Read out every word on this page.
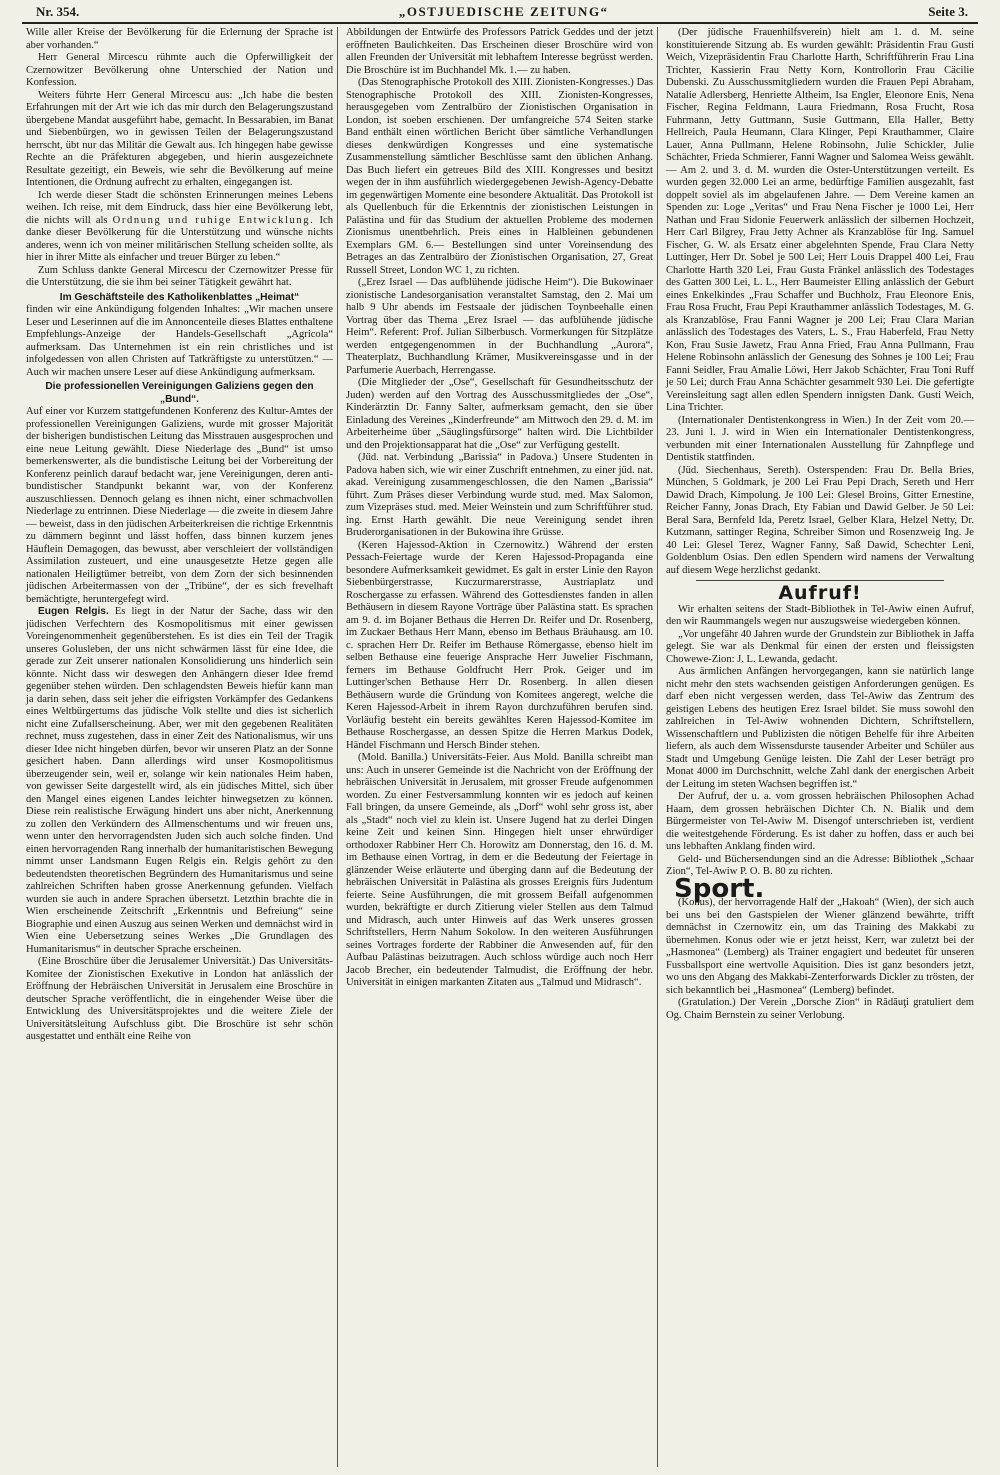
Nr. 354.	„OSTJUEDISCHE ZEITUNG“	Seite 3.

Wille aller Kreise der Bevölkerung für die Erlernung der Sprache ist aber vorhanden.“

Herr General Mircescu rühmte auch die Opferwilligkeit der Czernowitzer Bevölkerung ohne Unterschied der Nation und Konfession.

Weiters führte Herr General Mircescu aus: „Ich habe die besten Erfahrungen mit der Art wie ich das mir durch den Belagerungszustand übergebene Mandat ausgeführt habe, gemacht. In Bessarabien, im Banat und Siebenbürgen, wo in gewissen Teilen der Belagerungszustand herrscht, übt nur das Militär die Gewalt aus. Ich hingegen habe gewisse Rechte an die Präfekturen abgegeben, und hierin ausgezeichnete Resultate gezeitigt, ein Beweis, wie sehr die Bevölkerung auf meine Intentionen, die Ordnung aufrecht zu erhalten, eingegangen ist.

Ich werde dieser Stadt die schönsten Erinnerungen meines Lebens weihen. Ich reise, mit dem Eindruck, dass hier eine Bevölkerung lebt, die nichts will als Ordnung und ruhige Entwicklung. Ich danke dieser Bevölkerung für die Unterstützung und wünsche nichts anderes, wenn ich von meiner militärischen Stellung scheiden sollte, als hier in ihrer Mitte als einfacher und treuer Bürger zu leben.“

Zum Schluss dankte General Mircescu der Czernowitzer Presse für die Unterstützung, die sie ihm bei seiner Tätigkeit gewährt hat.

Im Geschäftsteile des Katholikenblattes „Heimat“

finden wir eine Ankündigung folgenden Inhaltes: „Wir machen unsere Leser und Leserinnen auf die im Annoncenteile dieses Blattes enthaltene Empfehlungs-Anzeige der Handels-Gesellschaft „Agricola“ aufmerksam. Das Unternehmen ist ein rein christliches und ist infolgedessen von allen Christen auf Tatkräftigste zu unterstützen.“ — Auch wir machen unsere Leser auf diese Ankündigung aufmerksam.

Die professionellen Vereinigungen Galiziens gegen den „Bund“.

Auf einer vor Kurzem stattgefundenen Konferenz des Kultur-Amtes der professionellen Vereinigungen Galiziens, wurde mit grosser Majorität der bisherigen bundistischen Leitung das Misstrauen ausgesprochen und eine neue Leitung gewählt. Diese Niederlage des „Bund“ ist umso bemerkenswerter, als die bundistische Leitung bei der Vorbereitung der Konferenz peinlich darauf bedacht war, jene Vereinigungen, deren anti-bundistischer Standpunkt bekannt war, von der Konferenz auszuschliessen. Dennoch gelang es ihnen nicht, einer schmachvollen Niederlage zu entrinnen. Diese Niederlage — die zweite in diesem Jahre — beweist, dass in den jüdischen Arbeiterkreisen die richtige Erkenntnis zu dämmern beginnt und lässt hoffen, dass binnen kurzem jenes Häuflein Demagogen, das bewusst, aber verschleiert der vollständigen Assimilation zusteuert, und eine unausgesetzte Hetze gegen alle nationalen Heiligtümer betreibt, von dem Zorn der sich besinnenden jüdischen Arbeitermassen von der „Tribüne“, der es sich frevelhaft bemächtigte, heruntergefegt wird.

Eugen Relgis. Es liegt in der Natur der Sache, dass wir den jüdischen Verfechtern des Kosmopolitismus mit einer gewissen Voreingenommenheit gegenüberstehen. Es ist dies ein Teil der Tragik unseres Golusleben, der uns nicht schwärmen lässt für eine Idee, die gerade zur Zeit unserer nationalen Konsolidierung uns hinderlich sein könnte. Nicht dass wir deswegen den Anhängern dieser Idee fremd gegenüber stehen würden. Den schlagendsten Beweis hiefür kann man ja darin sehen, dass seit jeher die eifrigsten Vorkämpfer des Gedankens eines Weltbürgertums das jüdische Volk stellte und dies ist sicherlich nicht eine Zufallserscheinung. Aber, wer mit den gegebenen Realitäten rechnet, muss zugestehen, dass in einer Zeit des Nationalismus, wir uns dieser Idee nicht hingeben dürfen, bevor wir unseren Platz an der Sonne gesichert haben. Dann allerdings wird unser Kosmopolitismus überzeugender sein, weil er, solange wir kein nationales Heim haben, von gewisser Seite dargestellt wird, als ein jüdisches Mittel, sich über den Mangel eines eigenen Landes leichter hinwegsetzen zu können. Diese rein realistische Erwägung hindert uns aber nicht, Anerkennung zu zollen den Verkündern des Allmenschentums und wir freuen uns, wenn unter den hervorragendsten Juden sich auch solche finden. Und einen hervorragenden Rang innerhalb der humanitaristischen Bewegung nimmt unser Landsmann Eugen Relgis ein. Relgis gehört zu den bedeutendsten theoretischen Begründern des Humanitarismus und seine zahlreichen Schriften haben grosse Anerkennung gefunden. Vielfach wurden sie auch in andere Sprachen übersetzt. Letzthin brachte die in Wien erscheinende Zeitschrift „Erkenntnis und Befreiung“ seine Biographie und einen Auszug aus seinen Werken und demnächst wird in Wien eine Uebersetzung seines Werkes „Die Grundlagen des Humanitarismus“ in deutscher Sprache erscheinen.

(Eine Broschüre über die Jerusalemer Universität.) Das Universitäts-Komitee der Zionistischen Exekutive in London hat anlässlich der Eröffnung der Hebräischen Universität in Jerusalem eine Broschüre in deutscher Sprache veröffentlicht, die in eingehender Weise über die Entwicklung des Universitätsprojektes und die weitere Ziele der Universitätsleitung Aufschluss gibt. Die Broschüre ist sehr schön ausgestattet und enthält eine Reihe von

Abbildungen der Entwürfe des Professors Patrick Geddes und der jetzt eröffneten Baulichkeiten. Das Erscheinen dieser Broschüre wird von allen Freunden der Universität mit lebhaftem Interesse begrüsst werden. Die Broschüre ist im Buchhandel Mk. 1.— zu haben.

(Das Stenographische Protokoll des XIII. Zionisten-Kongresses.) Das Stenographische Protokoll des XIII. Zionisten-Kongresses, herausgegeben vom Zentralbüro der Zionistischen Organisation in London, ist soeben erschienen. Der umfangreiche 574 Seiten starke Band enthält einen wörtlichen Bericht über sämtliche Verhandlungen dieses denkwürdigen Kongresses und eine systematische Zusammenstellung sämtlicher Beschlüsse samt den üblichen Anhang. Das Buch liefert ein getreues Bild des XIII. Kongresses und besitzt wegen der in ihm ausführlich wiedergegebenen Jewish-Agency-Debatte im gegenwärtigen Momente eine besondere Aktualität. Das Protokoll ist als Quellenbuch für die Erkenntnis der zionistischen Leistungen in Palästina und für das Studium der aktuellen Probleme des modernen Zionismus unentbehrlich. Preis eines in Halbleinen gebundenen Exemplars GM. 6.— Bestellungen sind unter Voreinsendung des Betrages an das Zentralbüro der Zionistischen Organisation, 27, Great Russell Street, London WC 1, zu richten.

(„Erez Israel — Das aufblühende jüdische Heim“). Die Bukowinaer zionistische Landesorganisation veranstaltet Samstag, den 2. Mai um halb 9 Uhr abends im Festsaale der jüdischen Toynbeehalle einen Vortrag über das Thema „Erez Israel — das aufblühende jüdische Heim“. Referent: Prof. Julian Silberbusch. Vormerkungen für Sitzplätze werden entgegengenommen in der Buchhandlung „Aurora“, Theaterplatz, Buchhandlung Krämer, Musikvereinsgasse und in der Parfumerie Auerbach, Herrengasse.

(Die Mitglieder der „Ose“, Gesellschaft für Gesundheitsschutz der Juden) werden auf den Vortrag des Ausschussmitgliedes der „Ose“, Kinderärztin Dr. Fanny Salter, aufmerksam gemacht, den sie über Einladung des Vereines „Kinderfreunde“ am Mittwoch den 29. d. M. im Arbeiterheime über „Säuglingsfürsorge“ halten wird. Die Lichtbilder und den Projektionsapparat hat die „Ose“ zur Verfügung gestellt.

(Jüd. nat. Verbindung „Barissia“ in Padova.) Unsere Studenten in Padova haben sich, wie wir einer Zuschrift entnehmen, zu einer jüd. nat. akad. Vereinigung zusammengeschlossen, die den Namen „Barissia“ führt. Zum Präses dieser Verbindung wurde stud. med. Max Salomon, zum Vizepräses stud. med. Meier Weinstein und zum Schriftführer stud. ing. Ernst Harth gewählt. Die neue Vereinigung sendet ihren Bruderorganisationen in der Bukowina ihre Grüsse.

(Keren Hajessod-Aktion in Czernowitz.) Während der ersten Pessach-Feiertage wurde der Keren Hajessod-Propaganda eine besondere Aufmerksamkeit gewidmet. Es galt in erster Linie den Rayon Siebenbürgerstrasse, Kuczurmarerstrasse, Austriaplatz und Roschergasse zu erfassen. Während des Gottesdienstes fanden in allen Bethäusern in diesem Rayone Vorträge über Palästina statt. Es sprachen am 9. d. im Bojaner Bethaus die Herren Dr. Reifer und Dr. Rosenberg, im Zuckaer Bethaus Herr Mann, ebenso im Bethaus Bräuhausg. am 10. c. sprachen Herr Dr. Reifer im Bethause Römergasse, ebenso hielt im selben Bethause eine feuerige Ansprache Herr Juwelier Fischmann, ferners im Bethause Goldfrucht Herr Prok. Geiger und im Luttinger'schen Bethause Herr Dr. Rosenberg. In allen diesen Bethäusern wurde die Gründung von Komitees angeregt, welche die Keren Hajessod-Arbeit in ihrem Rayon durchzuführen berufen sind. Vorläufig besteht ein bereits gewähltes Keren Hajessod-Komitee im Bethause Roschergasse, an dessen Spitze die Herren Markus Dodek, Händel Fischmann und Hersch Binder stehen.

(Mold. Banilla.) Universitäts-Feier. Aus Mold. Banilla schreibt man uns: Auch in unserer Gemeinde ist die Nachricht von der Eröffnung der hebräischen Universität in Jerusalem, mit grosser Freude aufgenommen worden. Zu einer Festversammlung konnten wir es jedoch auf keinen Fall bringen, da unsere Gemeinde, als „Dorf“ wohl sehr gross ist, aber als „Stadt“ noch viel zu klein ist. Unsere Jugend hat zu derlei Dingen keine Zeit und keinen Sinn. Hingegen hielt unser ehrwürdiger orthodoxer Rabbiner Herr Ch. Horowitz am Donnerstag, den 16. d. M. im Bethause einen Vortrag, in dem er die Bedeutung der Feiertage in glänzender Weise erläuterte und überging dann auf die Bedeutung der hebräischen Universität in Palästina als grosses Ereignis fürs Judentum feierte. Seine Ausführungen, die mit grossem Beifall aufgenommen wurden, bekräftigte er durch Zitierung vieler Stellen aus dem Talmud und Midrasch, auch unter Hinweis auf das Werk unseres grossen Schriftstellers, Herrn Nahum Sokolow. In den weiteren Ausführungen seines Vortrages forderte der Rabbiner die Anwesenden auf, für den Aufbau Palästinas beizutragen. Auch schloss würdige auch noch Herr Jacob Brecher, ein bedeutender Talmudist, die Eröffnung der hebr. Universität in einigen markanten Zitaten aus „Talmud und Midrasch“.

(Der jüdische Frauenhilfsverein) hielt am 1. d. M. seine konstituierende Sitzung ab. Es wurden gewählt: Präsidentin Frau Gusti Weich, Vizepräsidentin Frau Charlotte Harth, Schriftführerin Frau Lina Trichter, Kassierin Frau Netty Korn, Kontrollorin Frau Cäcilie Dubenski. Zu Ausschussmitgliedern wurden die Frauen Pepi Abraham, Natalie Adlersberg, Henriette Altheim, Isa Engler, Eleonore Enis, Nena Fischer, Regina Feldmann, Laura Friedmann, Rosa Frucht, Rosa Fuhrmann, Jetty Guttmann, Susie Guttmann, Ella Haller, Betty Hellreich, Paula Heumann, Clara Klinger, Pepi Krauthammer, Claire Lauer, Anna Pullmann, Helene Robinsohn, Julie Schickler, Julie Schächter, Frieda Schmierer, Fanni Wagner und Salomea Weiss gewählt. — Am 2. und 3. d. M. wurden die Oster-Unterstützungen verteilt. Es wurden gegen 32.000 Lei an arme, bedürftige Familien ausgezahlt, fast doppelt soviel als im abgelaufenen Jahre. — Dem Vereine kamen an Spenden zu: Loge „Veritas“ und Frau Nena Fischer je 1000 Lei, Herr Nathan und Frau Sidonie Feuerwerk anlässlich der silbernen Hochzeit, Herr Carl Bilgrey, Frau Jetty Achner als Kranzablöse für Ing. Samuel Fischer, G. W. als Ersatz einer abgelehnten Spende, Frau Clara Netty Luttinger, Herr Dr. Sobel je 500 Lei; Herr Louis Drappel 400 Lei, Frau Charlotte Harth 320 Lei, Frau Gusta Fränkel anlässlich des Todestages des Gatten 300 Lei, L. L., Herr Baumeister Elling anlässlich der Geburt eines Enkelkindes „Frau Schaffer und Buchholz, Frau Eleonore Enis, Frau Rosa Frucht, Frau Pepi Krauthammer anlässlich Todestages, M. G. als Kranzablöse, Frau Fanni Wagner je 200 Lei; Frau Clara Marian anlässlich des Todestages des Vaters, L. S., Frau Haberfeld, Frau Netty Kon, Frau Susie Jawetz, Frau Anna Fried, Frau Anna Pullmann, Frau Helene Robinsohn anlässlich der Genesung des Sohnes je 100 Lei; Frau Fanni Seidler, Frau Amalie Löwi, Herr Jakob Schächter, Frau Toni Ruff je 50 Lei; durch Frau Anna Schächter gesammelt 930 Lei. Die gefertigte Vereinsleitung sagt allen edlen Spendern innigsten Dank. Gusti Weich, Lina Trichter.

(Internationaler Dentistenkongress in Wien.) In der Zeit vom 20.—23. Juni l. J. wird in Wien ein Internationaler Dentistenkongress, verbunden mit einer Internationalen Ausstellung für Zahnpflege und Dentistik stattfinden.

(Jüd. Siechenhaus, Sereth). Osterspenden: Frau Dr. Bella Bries, München, 5 Goldmark, je 200 Lei Frau Pepi Drach, Sereth und Herr Dawid Drach, Kimpolung. Je 100 Lei: Glesel Broins, Gitter Ernestine, Reicher Fanny, Jonas Drach, Ety Fabian und Dawid Gelber. Je 50 Lei: Beral Sara, Bernfeld Ida, Peretz Israel, Gelber Klara, Helzel Netty, Dr. Kutzmann, sattinger Regina, Schreiber Simon und Rosenzweig Ing. Je 40 Lei: Glesel Terez, Wagner Fanny, Saß Dawid, Schechter Leni, Goldenblum Osias. Den edlen Spendern wird namens der Verwaltung auf diesem Wege herzlichst gedankt.

Aufruf!

Wir erhalten seitens der Stadt-Bibliothek in Tel-Awiw einen Aufruf, den wir Raummangels wegen nur auszugsweise wiedergeben können.

„Vor ungefähr 40 Jahren wurde der Grundstein zur Bibliothek in Jaffa gelegt. Sie war als Denkmal für einen der ersten und fleissigsten Chowewe-Zion: J. L. Lewanda, gedacht.

Aus ärmlichen Anfängen hervorgegangen, kann sie natürlich lange nicht mehr den stets wachsenden geistigen Anforderungen genügen. Es darf eben nicht vergessen werden, dass Tel-Awiw das Zentrum des geistigen Lebens des heutigen Erez Israel bildet. Sie muss sowohl den zahlreichen in Tel-Awiw wohnenden Dichtern, Schriftstellern, Wissenschaftlern und Publizisten die nötigen Behelfe für ihre Arbeiten liefern, als auch dem Wissensdurste tausender Arbeiter und Schüler aus Stadt und Umgebung Genüge leisten. Die Zahl der Leser beträgt pro Monat 4000 im Durchschnitt, welche Zahl dank der energischen Arbeit der Leitung im steten Wachsen begriffen ist.“

Der Aufruf, der u. a. vom grossen hebräischen Philosophen Achad Haam, dem grossen hebräischen Dichter Ch. N. Bialik und dem Bürgermeister von Tel-Awiw M. Disengof unterschrieben ist, verdient die weitestgehende Förderung. Es ist daher zu hoffen, dass er auch bei uns lebhaften Anklang finden wird.

Geld- und Büchersendungen sind an die Adresse: Bibliothek „Schaar Zion“, Tel-Awiw P. O. B. 80 zu richten.

Sport.

(Konus), der hervorragende Half der „Hakoah“ (Wien), der sich auch bei uns bei den Gastspielen der Wiener glänzend bewährte, trifft demnächst in Czernowitz ein, um das Training des Makkabi zu übernehmen. Konus oder wie er jetzt heisst, Kerr, war zuletzt bei der „Hasmonea“ (Lemberg) als Trainer engagiert und bedeutet für unseren Fussballsport eine wertvolle Aquisition. Dies ist ganz besonders jetzt, wo uns den Abgang des Makkabi-Zenterforwards Dickler zu trösten, der sich bekanntlich bei „Hasmonea“ (Lemberg) befindet.

(Gratulation.) Der Verein „Dorsche Zion“ in Rădăuţi gratuliert dem Og. Chaim Bernstein zu seiner Verlobung.
